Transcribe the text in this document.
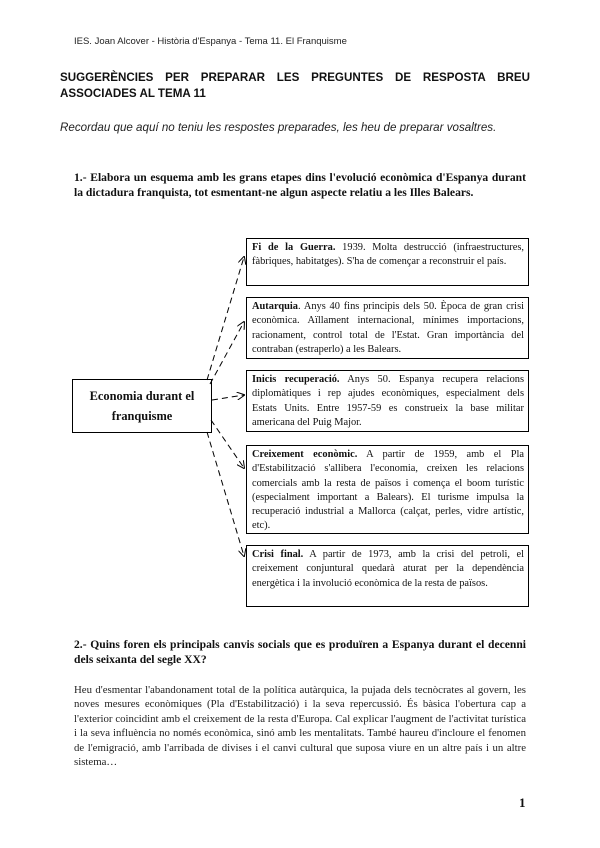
IES. Joan Alcover - Història d'Espanya - Tema 11. El Franquisme
SUGGERÈNCIES PER PREPARAR LES PREGUNTES DE RESPOSTA BREU
ASSOCIADES AL TEMA 11
Recordau que aquí no teniu les respostes preparades, les heu de preparar vosaltres.
1.- Elabora un esquema amb les grans etapes dins l'evolució econòmica d'Espanya durant la dictadura franquista, tot esmentant-ne algun aspecte relatiu a les Illes Balears.
Economia durant el franquisme
Fi de la Guerra. 1939. Molta destrucció (infraestructures, fàbriques, habitatges). S'ha de començar a reconstruir el país.
Autarquia. Anys 40 fins principis dels 50. Època de gran crisi econòmica. Aïllament internacional, mínimes importacions, racionament, control total de l'Estat. Gran importància del contraban (estraperlo) a les Balears.
Inicis recuperació. Anys 50. Espanya recupera relacions diplomàtiques i rep ajudes econòmiques, especialment dels Estats Units. Entre 1957-59 es construeix la base militar americana del Puig Major.
Creixement econòmic. A partir de 1959, amb el Pla d'Estabilització s'allibera l'economia, creixen les relacions comercials amb la resta de països i comença el boom turístic (especialment important a Balears). El turisme impulsa la recuperació industrial a Mallorca (calçat, perles, vidre artístic, etc).
Crisi final. A partir de 1973, amb la crisi del petroli, el creixement conjuntural quedarà aturat per la dependència energètica i la involució econòmica de la resta de països.
2.- Quins foren els principals canvis socials que es produïren a Espanya durant el decenni dels seixanta del segle XX?
Heu d'esmentar l'abandonament total de la política autàrquica, la pujada dels tecnòcrates al govern, les noves mesures econòmiques (Pla d'Estabilització) i la seva repercussió. És bàsica l'obertura cap a l'exterior coincidint amb el creixement de la resta d'Europa. Cal explicar l'augment de l'activitat turística i la seva influència no només econòmica, sinó amb les mentalitats. També haureu d'incloure el fenomen de l'emigració, amb l'arribada de divises i el canvi cultural que suposa viure en un altre país i un altre sistema…
1
